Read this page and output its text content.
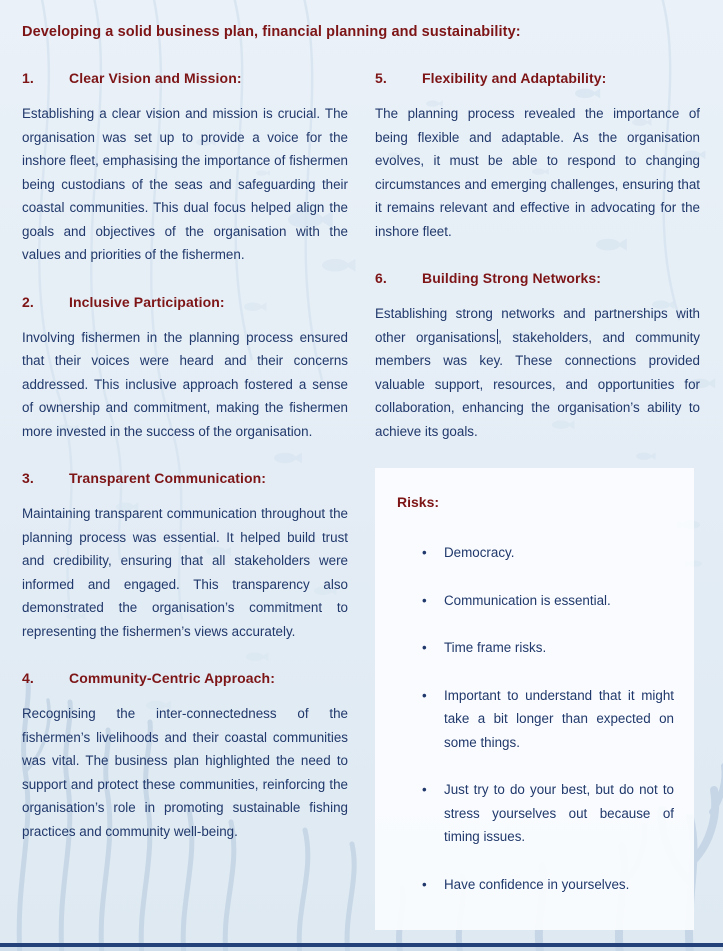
Developing a solid business plan, financial planning and sustainability:
1.	Clear Vision and Mission:

Establishing a clear vision and mission is crucial. The organisation was set up to provide a voice for the inshore fleet, emphasising the importance of fishermen being custodians of the seas and safeguarding their coastal communities. This dual focus helped align the goals and objectives of the organisation with the values and priorities of the fishermen.

2.	Inclusive Participation:

Involving fishermen in the planning process ensured that their voices were heard and their concerns addressed. This inclusive approach fostered a sense of ownership and commitment, making the fishermen more invested in the success of the organisation.

3.	Transparent Communication:

Maintaining transparent communication throughout the planning process was essential. It helped build trust and credibility, ensuring that all stakeholders were informed and engaged. This transparency also demonstrated the organisation’s commitment to representing the fishermen’s views accurately.

4.	Community-Centric Approach:

Recognising the inter-connectedness of the fishermen’s livelihoods and their coastal communities was vital. The business plan highlighted the need to support and protect these communities, reinforcing the organisation’s role in promoting sustainable fishing practices and community well-being.

5.	Flexibility and Adaptability:

The planning process revealed the importance of being flexible and adaptable. As the organisation evolves, it must be able to respond to changing circumstances and emerging challenges, ensuring that it remains relevant and effective in advocating for the inshore fleet.

6.	Building Strong Networks:

Establishing strong networks and partnerships with other organisations , stakeholders, and community members was key. These connections provided valuable support, resources, and opportunities for collaboration, enhancing the organisation’s ability to achieve its goals.

Risks:
•	Democracy.
•	Communication is essential.
•	Time frame risks.
•	Important to understand that it might take a bit longer than expected on some things.
•	Just try to do your best, but do not to stress yourselves out because of timing issues.
•	Have confidence in yourselves.
